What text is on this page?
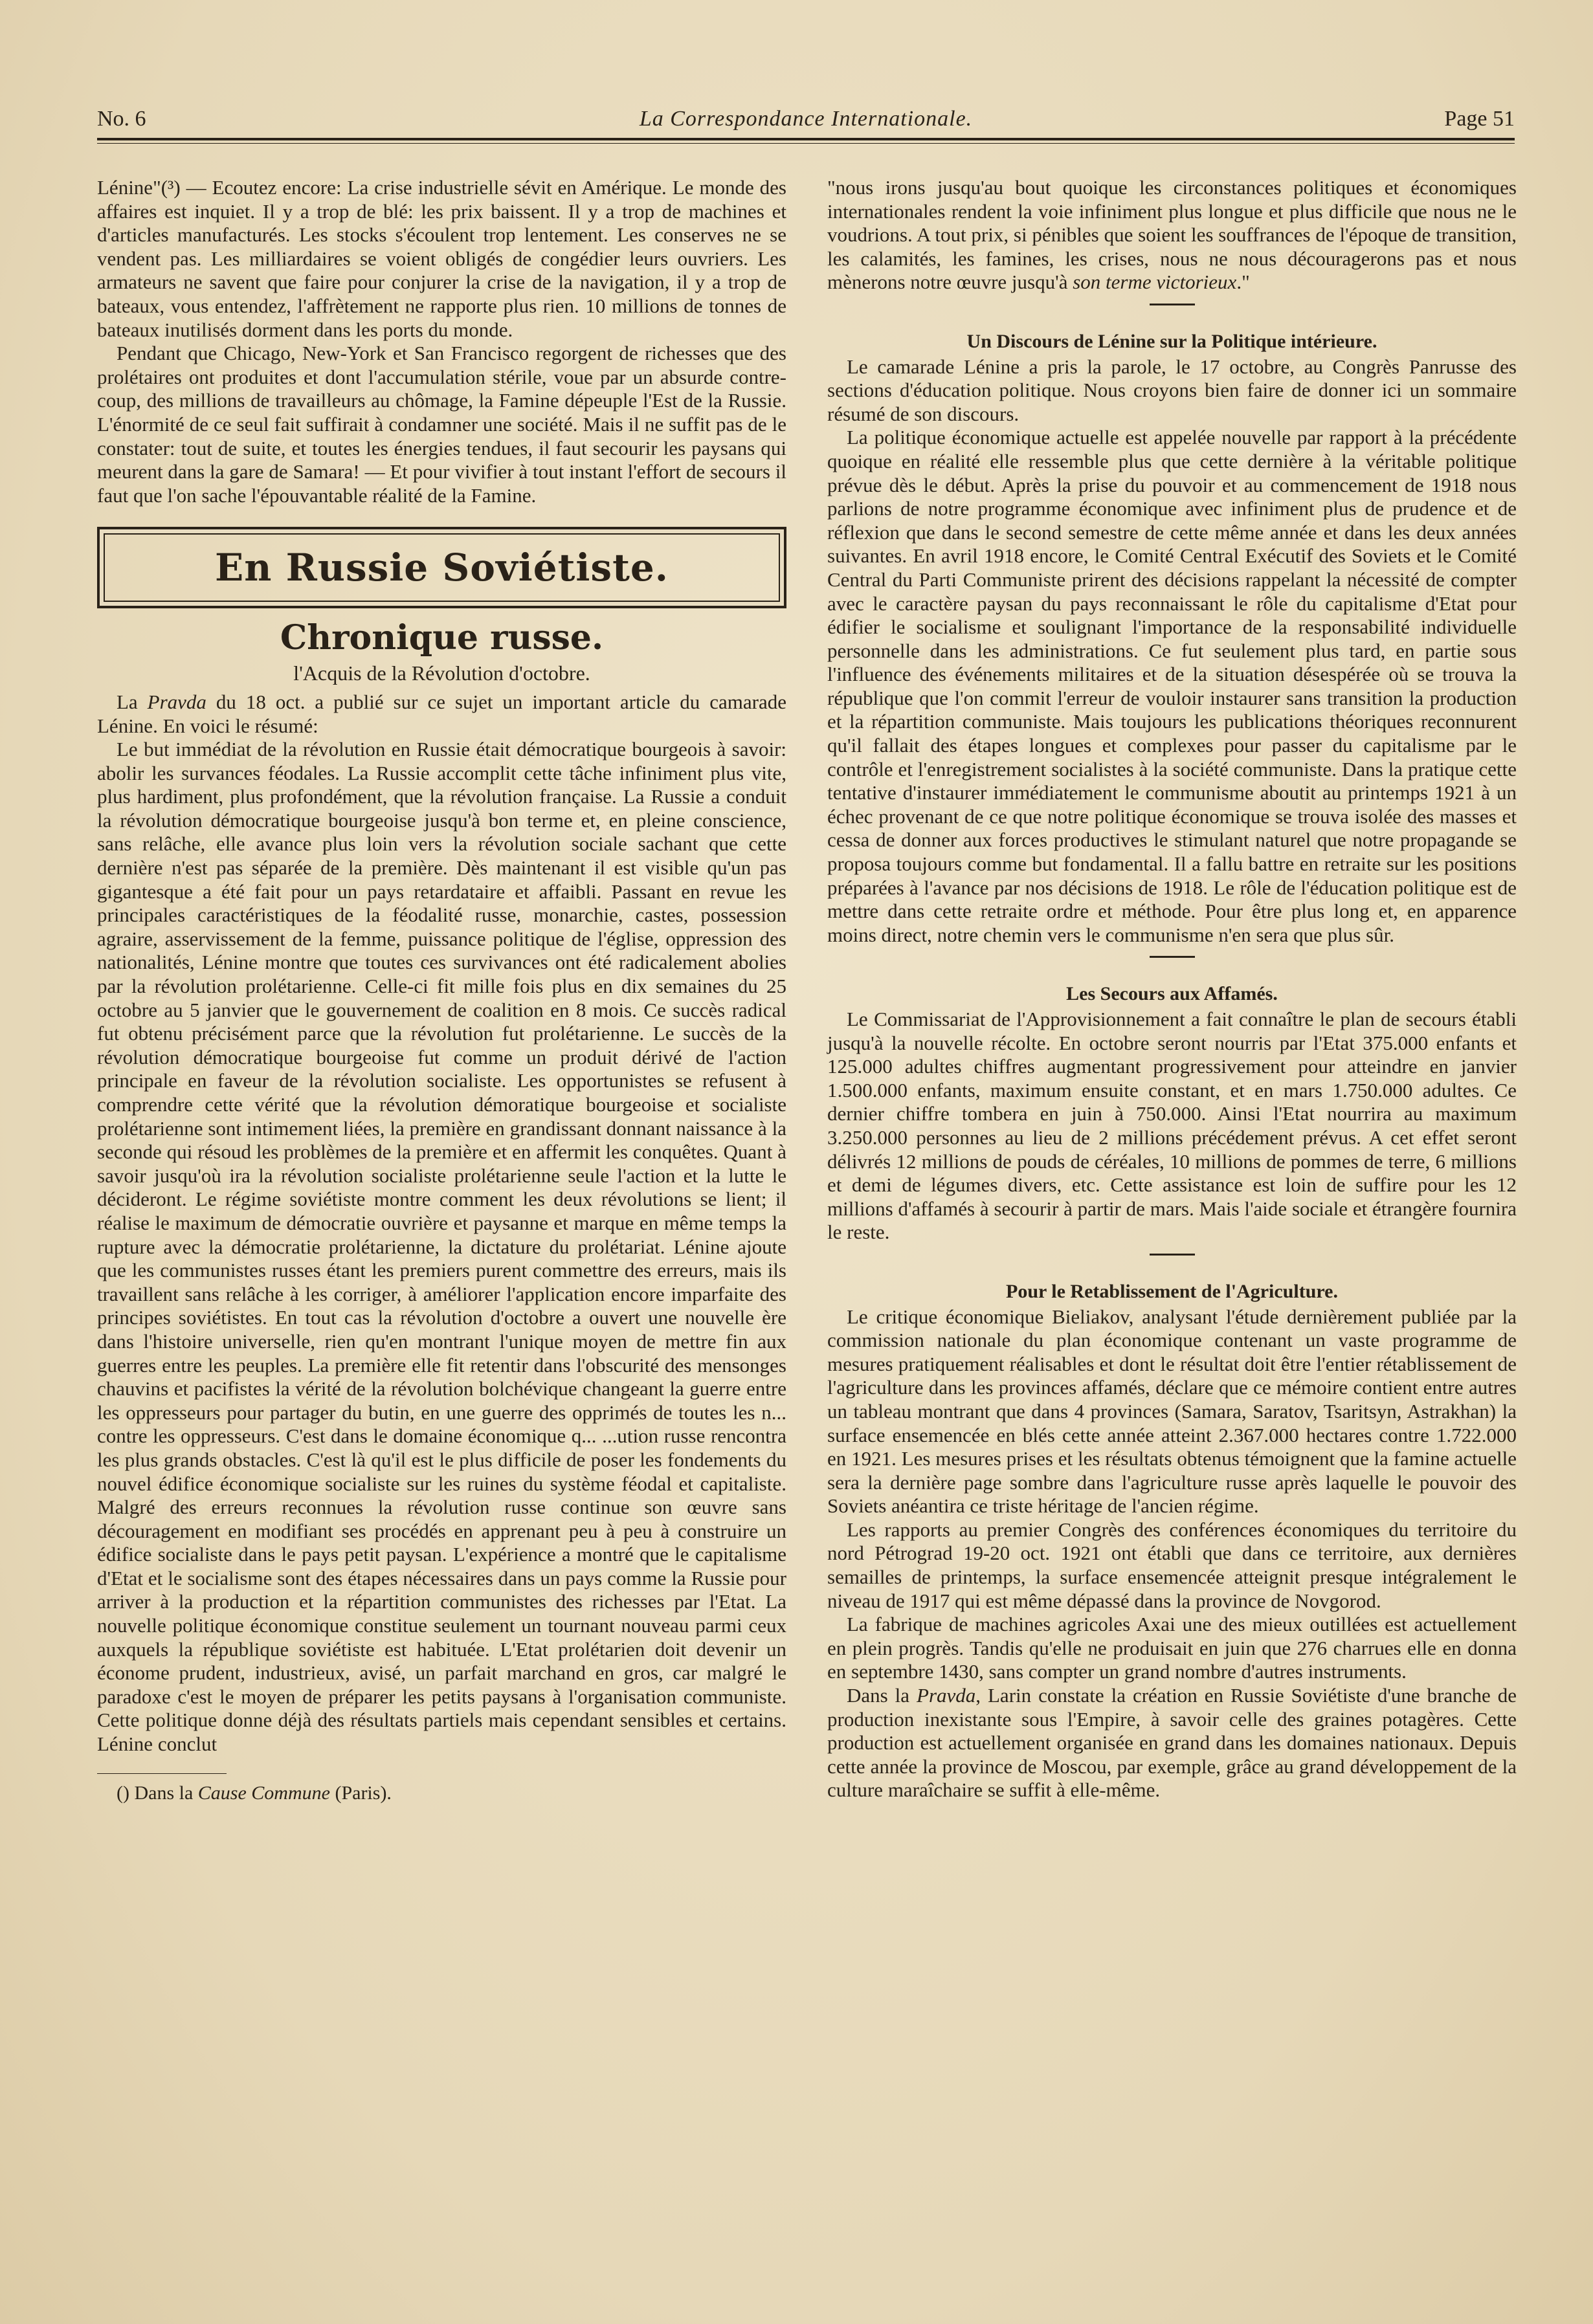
No. 6	La Correspondance Internationale.	Page 51

Lénine"(³) — Ecoutez encore: La crise industrielle sévit en Amérique. Le monde des affaires est inquiet. Il y a trop de blé: les prix baissent. Il y a trop de machines et d'articles manufacturés. Les stocks s'écoulent trop lentement. Les conserves ne se vendent pas. Les milliardaires se voient obligés de congédier leurs ouvriers. Les armateurs ne savent que faire pour conjurer la crise de la navigation, il y a trop de bateaux, vous entendez, l'affrètement ne rapporte plus rien. 10 millions de tonnes de bateaux inutilisés dorment dans les ports du monde.

Pendant que Chicago, New-York et San Francisco regorgent de richesses que des prolétaires ont produites et dont l'accumulation stérile, voue par un absurde contre-coup, des millions de travailleurs au chômage, la Famine dépeuple l'Est de la Russie. L'énormité de ce seul fait suffirait à condamner une société. Mais il ne suffit pas de le constater: tout de suite, et toutes les énergies tendues, il faut secourir les paysans qui meurent dans la gare de Samara! — Et pour vivifier à tout instant l'effort de secours il faut que l'on sache l'épouvantable réalité de la Famine.

En Russie Soviétiste.
Chronique russe.
l'Acquis de la Révolution d'octobre.

La Pravda du 18 oct. a publié sur ce sujet un important article du camarade Lénine. En voici le résumé:

Le but immédiat de la révolution en Russie était démocratique bourgeois à savoir: abolir les survances féodales. La Russie accomplit cette tâche infiniment plus vite, plus hardiment, plus profondément, que la révolution française. La Russie a conduit la révolution démocratique bourgeoise jusqu'à bon terme et, en pleine conscience, sans relâche, elle avance plus loin vers la révolution sociale sachant que cette dernière n'est pas séparée de la première. Dès maintenant il est visible qu'un pas gigantesque a été fait pour un pays retardataire et affaibli. Passant en revue les principales caractéristiques de la féodalité russe, monarchie, castes, possession agraire, asservissement de la femme, puissance politique de l'église, oppression des nationalités, Lénine montre que toutes ces survivances ont été radicalement abolies par la révolution prolétarienne. Celle-ci fit mille fois plus en dix semaines du 25 octobre au 5 janvier que le gouvernement de coalition en 8 mois. Ce succès radical fut obtenu précisément parce que la révolution fut prolétarienne. Le succès de la révolution démocratique bourgeoise fut comme un produit dérivé de l'action principale en faveur de la révolution socialiste. Les opportunistes se refusent à comprendre cette vérité que la révolution démoratique bourgeoise et socialiste prolétarienne sont intimement liées, la première en grandissant donnant naissance à la seconde qui résoud les problèmes de la première et en affermit les conquêtes. Quant à savoir jusqu'où ira la révolution socialiste prolétarienne seule l'action et la lutte le décideront. Le régime soviétiste montre comment les deux révolutions se lient; il réalise le maximum de démocratie ouvrière et paysanne et marque en même temps la rupture avec la démocratie prolétarienne, la dictature du prolétariat. Lénine ajoute que les communistes russes étant les premiers purent commettre des erreurs, mais ils travaillent sans relâche à les corriger, à améliorer l'application encore imparfaite des principes soviétistes. En tout cas la révolution d'octobre a ouvert une nouvelle ère dans l'histoire universelle, rien qu'en montrant l'unique moyen de mettre fin aux guerres entre les peuples. La première elle fit retentir dans l'obscurité des mensonges chauvins et pacifistes la vérité de la révolution bolchévique changeant la guerre entre les oppresseurs pour partager du butin, en une guerre des opprimés de toutes les n... contre les oppresseurs. C'est dans le domaine économique q... ...ution russe rencontra les plus grands obstacles. C'est là qu'il est le plus difficile de poser les fondements du nouvel édifice économique socialiste sur les ruines du système féodal et capitaliste. Malgré des erreurs reconnues la révolution russe continue son œuvre sans découragement en modifiant ses procédés en apprenant peu à peu à construire un édifice socialiste dans le pays petit paysan. L'expérience a montré que le capitalisme d'Etat et le socialisme sont des étapes nécessaires dans un pays comme la Russie pour arriver à la production et la répartition communistes des richesses par l'Etat. La nouvelle politique économique constitue seulement un tournant nouveau parmi ceux auxquels la république soviétiste est habituée. L'Etat prolétarien doit devenir un économe prudent, industrieux, avisé, un parfait marchand en gros, car malgré le paradoxe c'est le moyen de préparer les petits paysans à l'organisation communiste. Cette politique donne déjà des résultats partiels mais cependant sensibles et certains. Lénine conclut

() Dans la Cause Commune (Paris).

"nous irons jusqu'au bout quoique les circonstances politiques et économiques internationales rendent la voie infiniment plus longue et plus difficile que nous ne le voudrions. A tout prix, si pénibles que soient les souffrances de l'époque de transition, les calamités, les famines, les crises, nous ne nous découragerons pas et nous mènerons notre œuvre jusqu'à son terme victorieux."

Un Discours de Lénine sur la Politique intérieure.

Le camarade Lénine a pris la parole, le 17 octobre, au Congrès Panrusse des sections d'éducation politique. Nous croyons bien faire de donner ici un sommaire résumé de son discours.

La politique économique actuelle est appelée nouvelle par rapport à la précédente quoique en réalité elle ressemble plus que cette dernière à la véritable politique prévue dès le début. Après la prise du pouvoir et au commencement de 1918 nous parlions de notre programme économique avec infiniment plus de prudence et de réflexion que dans le second semestre de cette même année et dans les deux années suivantes. En avril 1918 encore, le Comité Central Exécutif des Soviets et le Comité Central du Parti Communiste prirent des décisions rappelant la nécessité de compter avec le caractère paysan du pays reconnaissant le rôle du capitalisme d'Etat pour édifier le socialisme et soulignant l'importance de la responsabilité individuelle personnelle dans les administrations. Ce fut seulement plus tard, en partie sous l'influence des événements militaires et de la situation désespérée où se trouva la république que l'on commit l'erreur de vouloir instaurer sans transition la production et la répartition communiste. Mais toujours les publications théoriques reconnurent qu'il fallait des étapes longues et complexes pour passer du capitalisme par le contrôle et l'enregistrement socialistes à la société communiste. Dans la pratique cette tentative d'instaurer immédiatement le communisme aboutit au printemps 1921 à un échec provenant de ce que notre politique économique se trouva isolée des masses et cessa de donner aux forces productives le stimulant naturel que notre propagande se proposa toujours comme but fondamental. Il a fallu battre en retraite sur les positions préparées à l'avance par nos décisions de 1918. Le rôle de l'éducation politique est de mettre dans cette retraite ordre et méthode. Pour être plus long et, en apparence moins direct, notre chemin vers le communisme n'en sera que plus sûr.

Les Secours aux Affamés.

Le Commissariat de l'Approvisionnement a fait connaître le plan de secours établi jusqu'à la nouvelle récolte. En octobre seront nourris par l'Etat 375.000 enfants et 125.000 adultes chiffres augmentant progressivement pour atteindre en janvier 1.500.000 enfants, maximum ensuite constant, et en mars 1.750.000 adultes. Ce dernier chiffre tombera en juin à 750.000. Ainsi l'Etat nourrira au maximum 3.250.000 personnes au lieu de 2 millions précédement prévus. A cet effet seront délivrés 12 millions de pouds de céréales, 10 millions de pommes de terre, 6 millions et demi de légumes divers, etc. Cette assistance est loin de suffire pour les 12 millions d'affamés à secourir à partir de mars. Mais l'aide sociale et étrangère fournira le reste.

Pour le Retablissement de l'Agriculture.

Le critique économique Bieliakov, analysant l'étude dernièrement publiée par la commission nationale du plan économique contenant un vaste programme de mesures pratiquement réalisables et dont le résultat doit être l'entier rétablissement de l'agriculture dans les provinces affamés, déclare que ce mémoire contient entre autres un tableau montrant que dans 4 provinces (Samara, Saratov, Tsaritsyn, Astrakhan) la surface ensemencée en blés cette année atteint 2.367.000 hectares contre 1.722.000 en 1921. Les mesures prises et les résultats obtenus témoignent que la famine actuelle sera la dernière page sombre dans l'agriculture russe après laquelle le pouvoir des Soviets anéantira ce triste héritage de l'ancien régime.

Les rapports au premier Congrès des conférences économiques du territoire du nord Pétrograd 19-20 oct. 1921 ont établi que dans ce territoire, aux dernières semailles de printemps, la surface ensemencée atteignit presque intégralement le niveau de 1917 qui est même dépassé dans la province de Novgorod.

La fabrique de machines agricoles Axai une des mieux outillées est actuellement en plein progrès. Tandis qu'elle ne produisait en juin que 276 charrues elle en donna en septembre 1430, sans compter un grand nombre d'autres instruments.

Dans la Pravda, Larin constate la création en Russie Soviétiste d'une branche de production inexistante sous l'Empire, à savoir celle des graines potagères. Cette production est actuellement organisée en grand dans les domaines nationaux. Depuis cette année la province de Moscou, par exemple, grâce au grand développement de la culture maraîchaire se suffit à elle-même.
